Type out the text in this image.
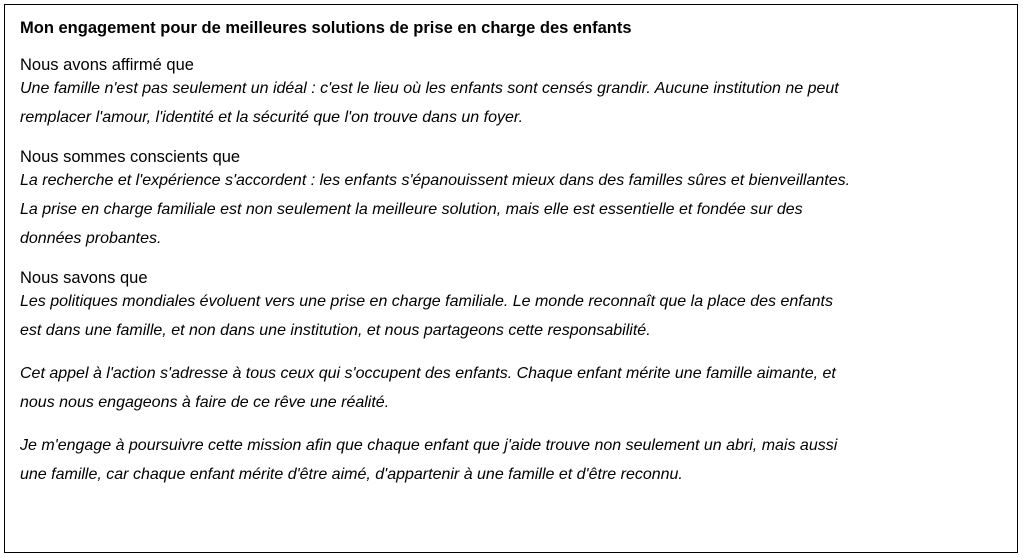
Mon engagement pour de meilleures solutions de prise en charge des enfants
Nous avons affirmé que
Une famille n'est pas seulement un idéal : c'est le lieu où les enfants sont censés grandir. Aucune institution ne peut
remplacer l'amour, l'identité et la sécurité que l'on trouve dans un foyer.
Nous sommes conscients que
La recherche et l'expérience s'accordent : les enfants s'épanouissent mieux dans des familles sûres et bienveillantes.
La prise en charge familiale est non seulement la meilleure solution, mais elle est essentielle et fondée sur des
données probantes.
Nous savons que
Les politiques mondiales évoluent vers une prise en charge familiale. Le monde reconnaît que la place des enfants
est dans une famille, et non dans une institution, et nous partageons cette responsabilité.
Cet appel à l'action s'adresse à tous ceux qui s'occupent des enfants. Chaque enfant mérite une famille aimante, et
nous nous engageons à faire de ce rêve une réalité.
Je m'engage à poursuivre cette mission afin que chaque enfant que j'aide trouve non seulement un abri, mais aussi
une famille, car chaque enfant mérite d'être aimé, d'appartenir à une famille et d'être reconnu.
